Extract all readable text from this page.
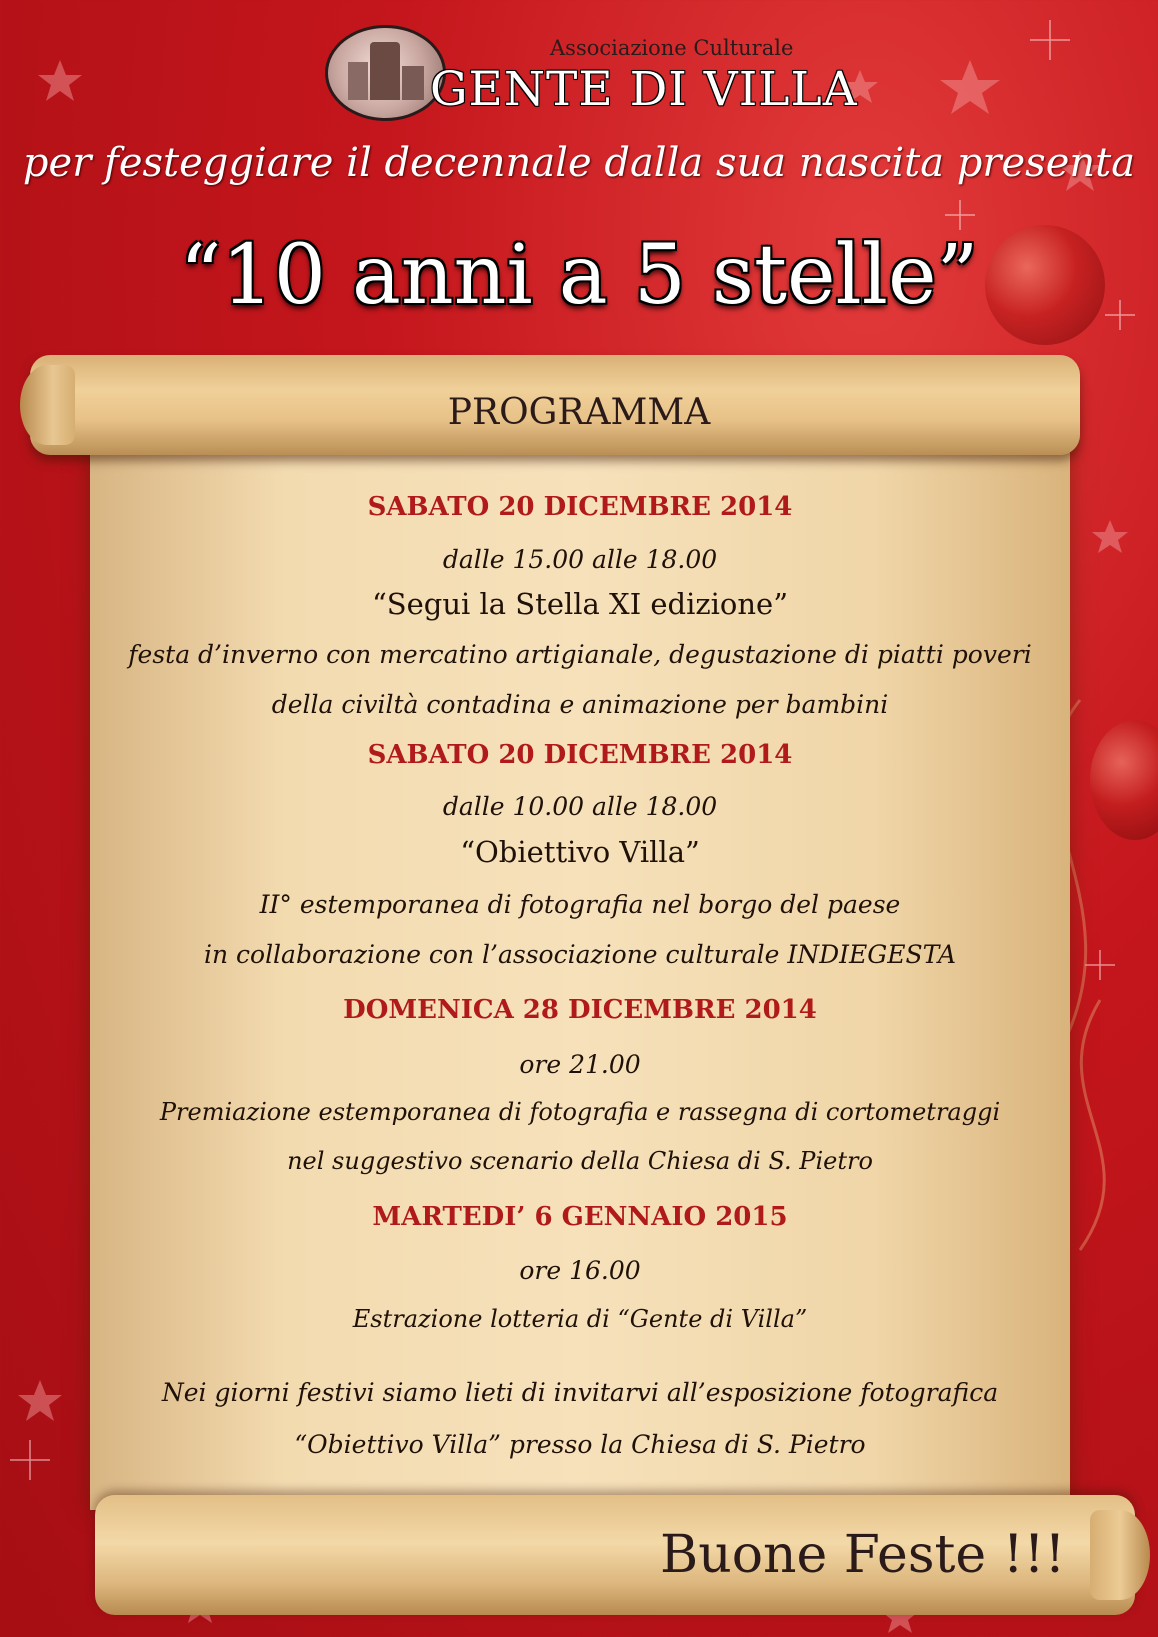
Associazione Culturale
GENTE DI VILLA
per festeggiare il decennale dalla sua nascita presenta
“10 anni a 5 stelle”
PROGRAMMA
SABATO 20 DICEMBRE 2014
dalle 15.00 alle 18.00
“Segui la Stella XI edizione”
festa d’inverno con mercatino artigianale, degustazione di piatti poveri
della civiltà contadina e animazione per bambini
SABATO 20 DICEMBRE 2014
dalle 10.00 alle 18.00
“Obiettivo Villa”
II° estemporanea di fotografia nel borgo del paese
in collaborazione con l’associazione culturale INDIEGESTA
DOMENICA 28 DICEMBRE 2014
ore 21.00
Premiazione estemporanea di fotografia e rassegna di cortometraggi
nel suggestivo scenario della Chiesa di S. Pietro
MARTEDI’ 6 GENNAIO 2015
ore 16.00
Estrazione lotteria di “Gente di Villa”
Nei giorni festivi siamo lieti di invitarvi all’esposizione fotografica
“Obiettivo Villa” presso la Chiesa di S. Pietro
Buone Feste !!!
